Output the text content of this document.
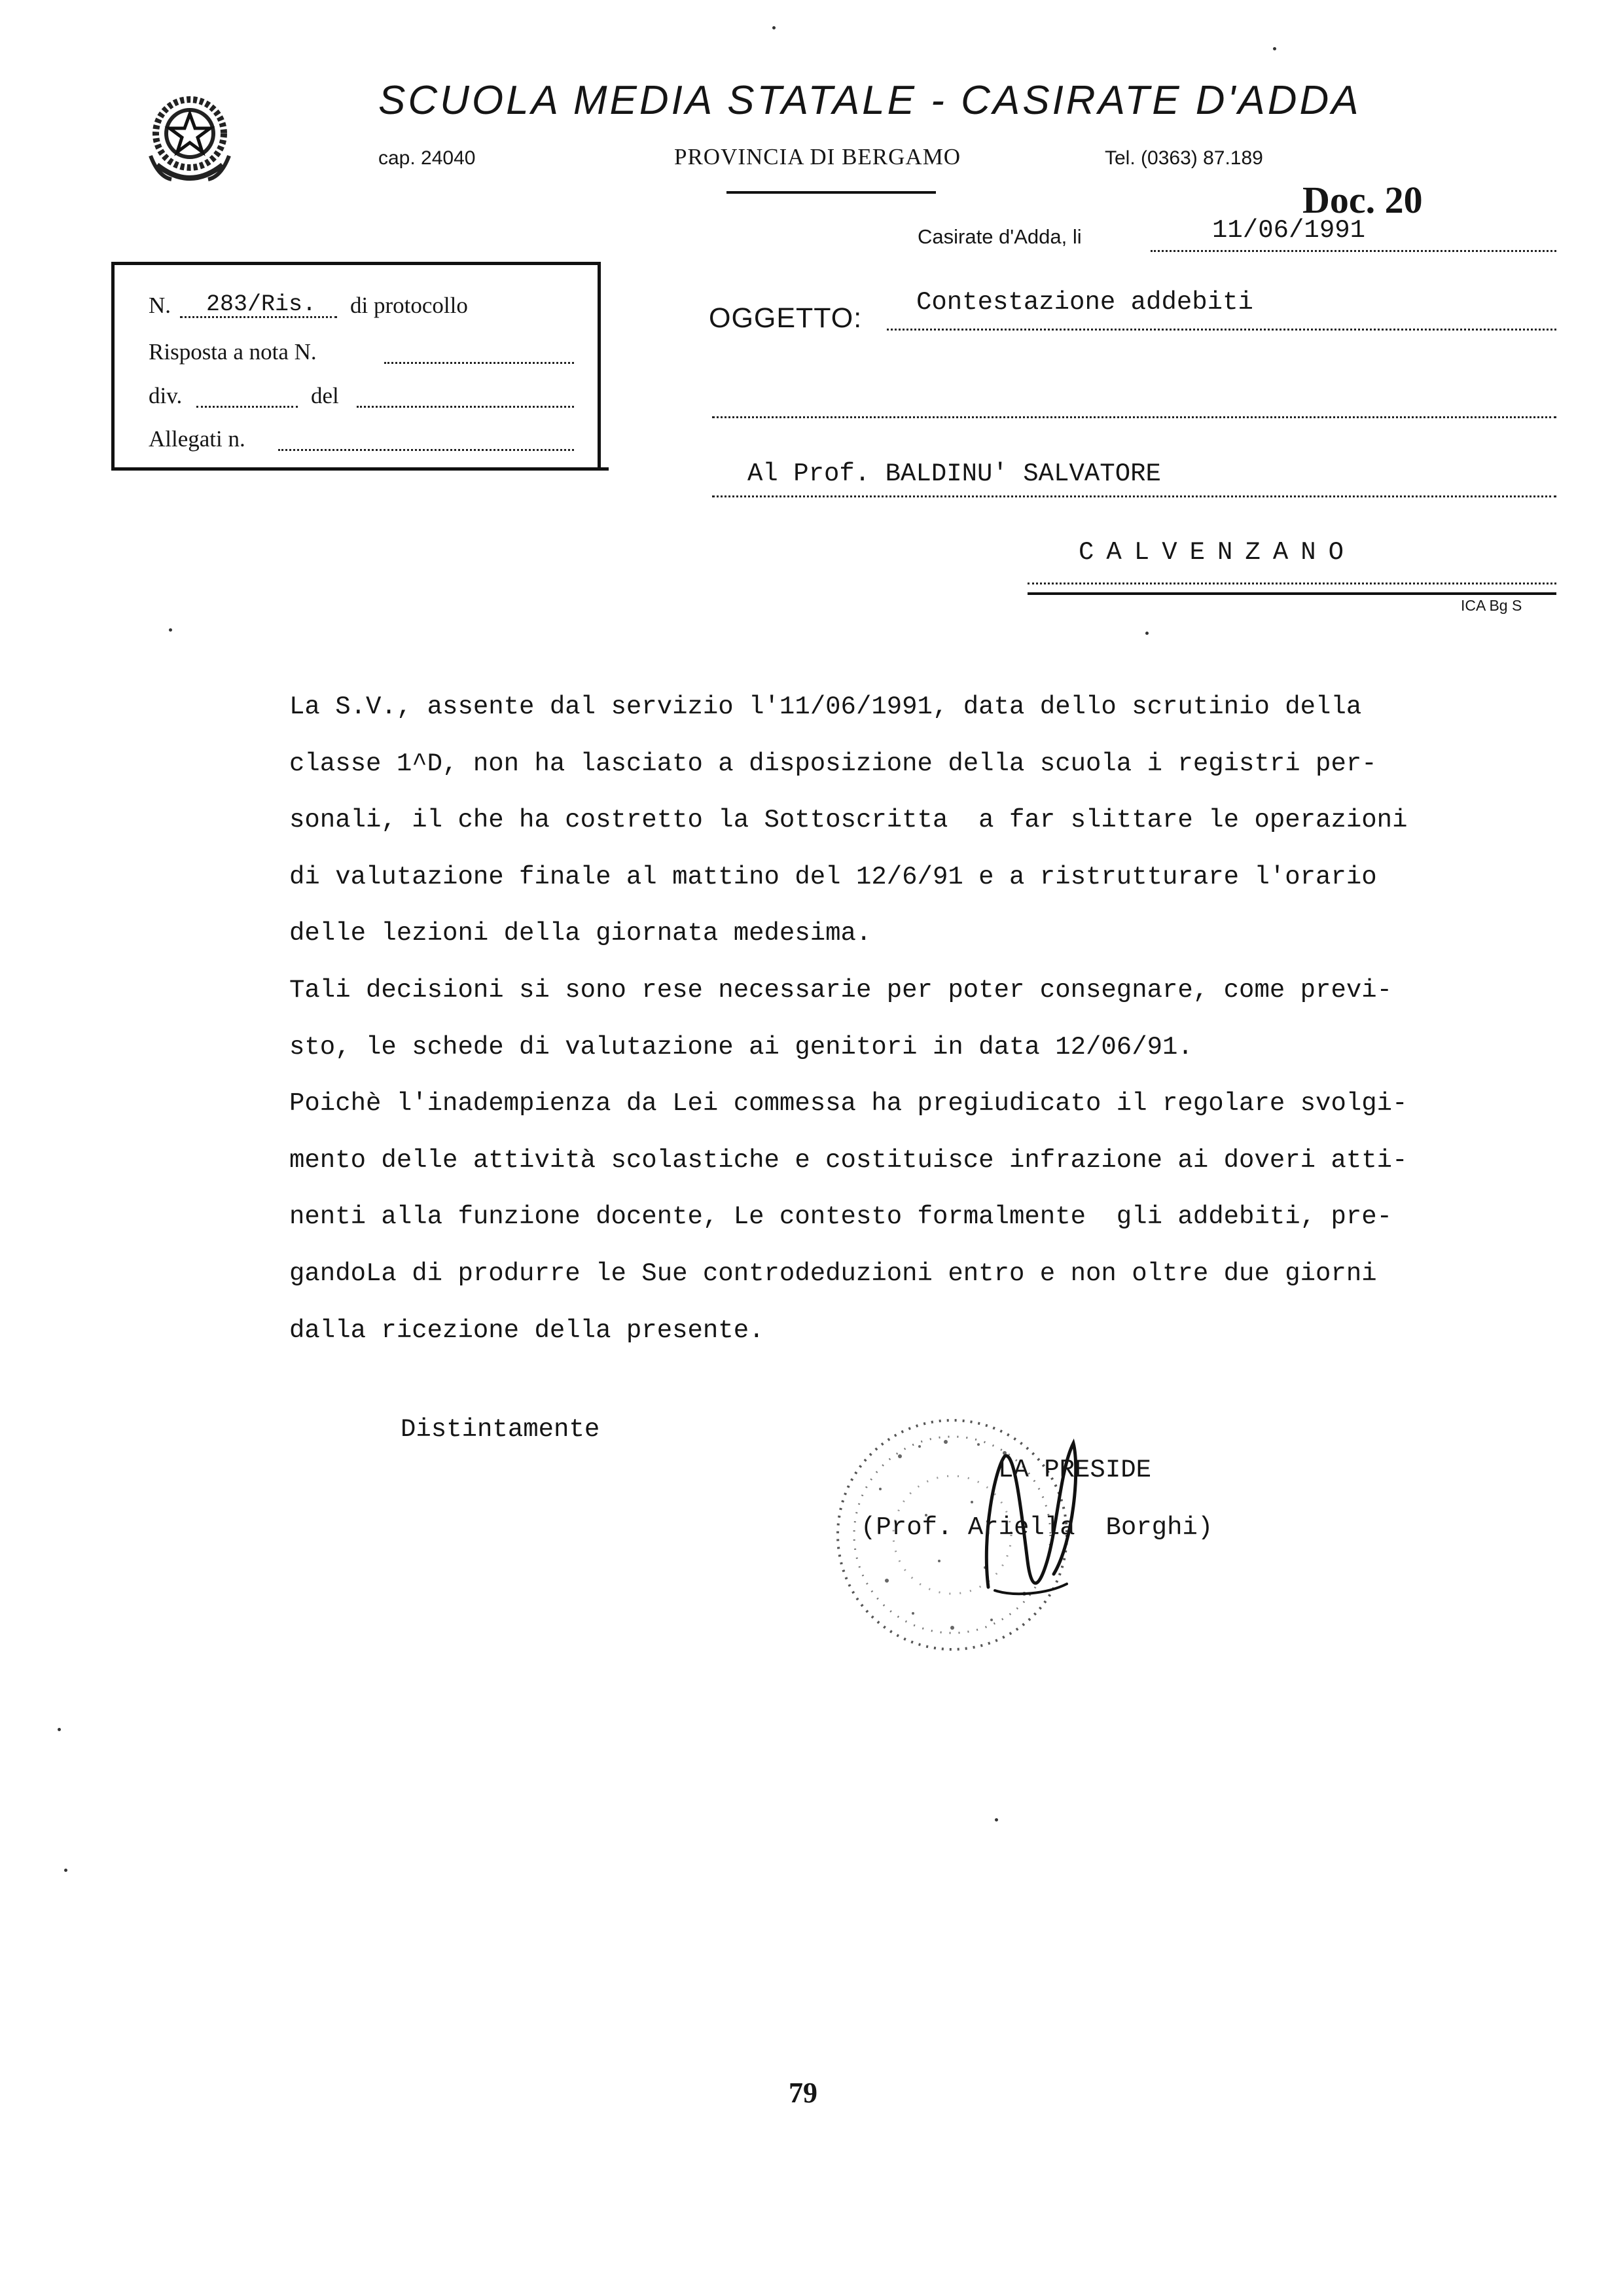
SCUOLA MEDIA STATALE - CASIRATE D'ADDA
cap. 24040	PROVINCIA DI BERGAMO	Tel. (0363) 87.189
Doc. 20
Casirate d'Adda, li	11/06/1991
N. 283/Ris. di protocollo
Risposta a nota N.
div.	del
Allegati n.
OGGETTO: Contestazione addebiti
Al Prof. BALDINU' SALVATORE
CALVENZANO
ICA Bg S
La S.V., assente dal servizio l'11/06/1991, data dello scrutinio della
classe 1^D, non ha lasciato a disposizione della scuola i registri per-
sonali, il che ha costretto la Sottoscritta  a far slittare le operazioni
di valutazione finale al mattino del 12/6/91 e a ristrutturare l'orario
delle lezioni della giornata medesima.
Tali decisioni si sono rese necessarie per poter consegnare, come previ-
sto, le schede di valutazione ai genitori in data 12/06/91.
Poichè l'inadempienza da Lei commessa ha pregiudicato il regolare svolgi-
mento delle attività scolastiche e costituisce infrazione ai doveri atti-
nenti alla funzione docente, Le contesto formalmente  gli addebiti, pre-
gandoLa di produrre le Sue controdeduzioni entro e non oltre due giorni
dalla ricezione della presente.
Distintamente
LA PRESIDE
(Prof. Ariella  Borghi)
79
